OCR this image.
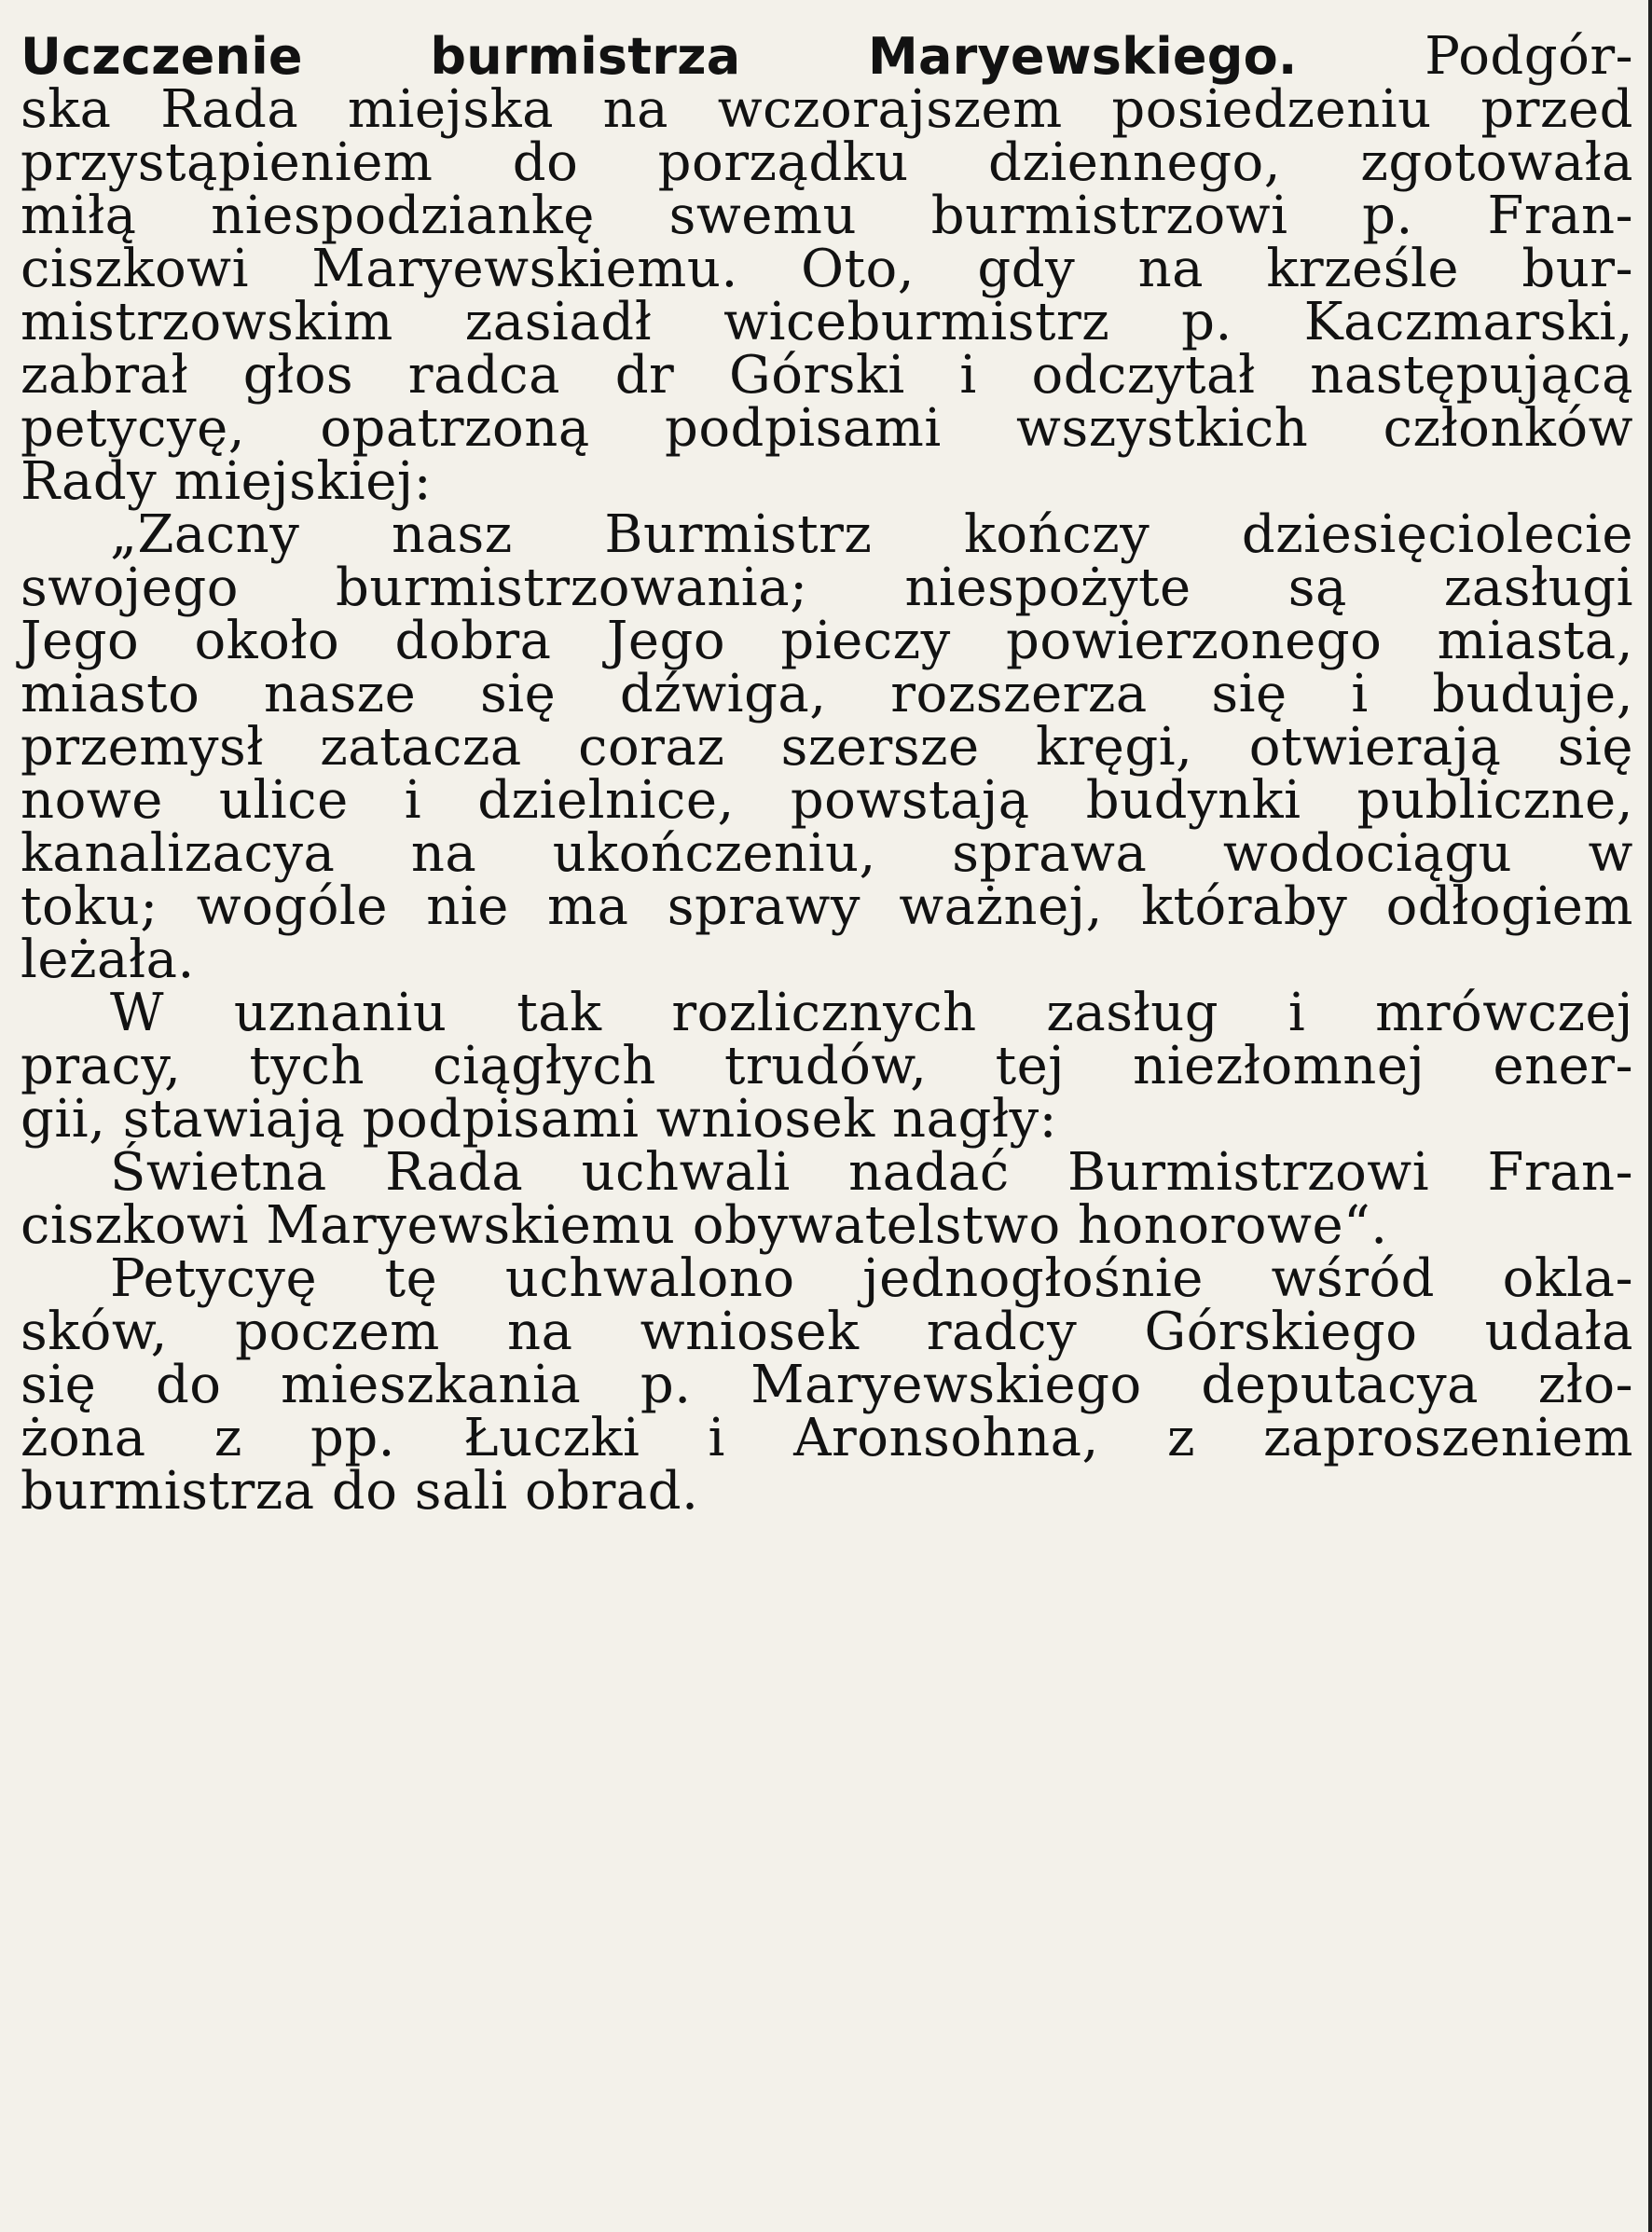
Uczczenie burmistrza Maryewskiego. Podgór-
ska Rada miejska na wczorajszem posiedzeniu przed
przystąpieniem do porządku dziennego, zgotowała
miłą niespodziankę swemu burmistrzowi p. Fran-
ciszkowi Maryewskiemu. Oto, gdy na krześle bur-
mistrzowskim zasiadł wiceburmistrz p. Kaczmarski,
zabrał głos radca dr Górski i odczytał następującą
petycyę, opatrzoną podpisami wszystkich członków
Rady miejskiej:
„Zacny nasz Burmistrz kończy dziesięciolecie
swojego burmistrzowania; niespożyte są zasługi
Jego około dobra Jego pieczy powierzonego miasta,
miasto nasze się dźwiga, rozszerza się i buduje,
przemysł zatacza coraz szersze kręgi, otwierają się
nowe ulice i dzielnice, powstają budynki publiczne,
kanalizacya na ukończeniu, sprawa wodociągu w
toku; wogóle nie ma sprawy ważnej, któraby odłogiem
leżała.
W uznaniu tak rozlicznych zasług i mrówczej
pracy, tych ciągłych trudów, tej niezłomnej ener-
gii, stawiają podpisami wniosek nagły:
Świetna Rada uchwali nadać Burmistrzowi Fran-
ciszkowi Maryewskiemu obywatelstwo honorowe“.
Petycyę tę uchwalono jednogłośnie wśród okla-
sków, poczem na wniosek radcy Górskiego udała
się do mieszkania p. Maryewskiego deputacya zło-
żona z pp. Łuczki i Aronsohna, z zaproszeniem
burmistrza do sali obrad.
